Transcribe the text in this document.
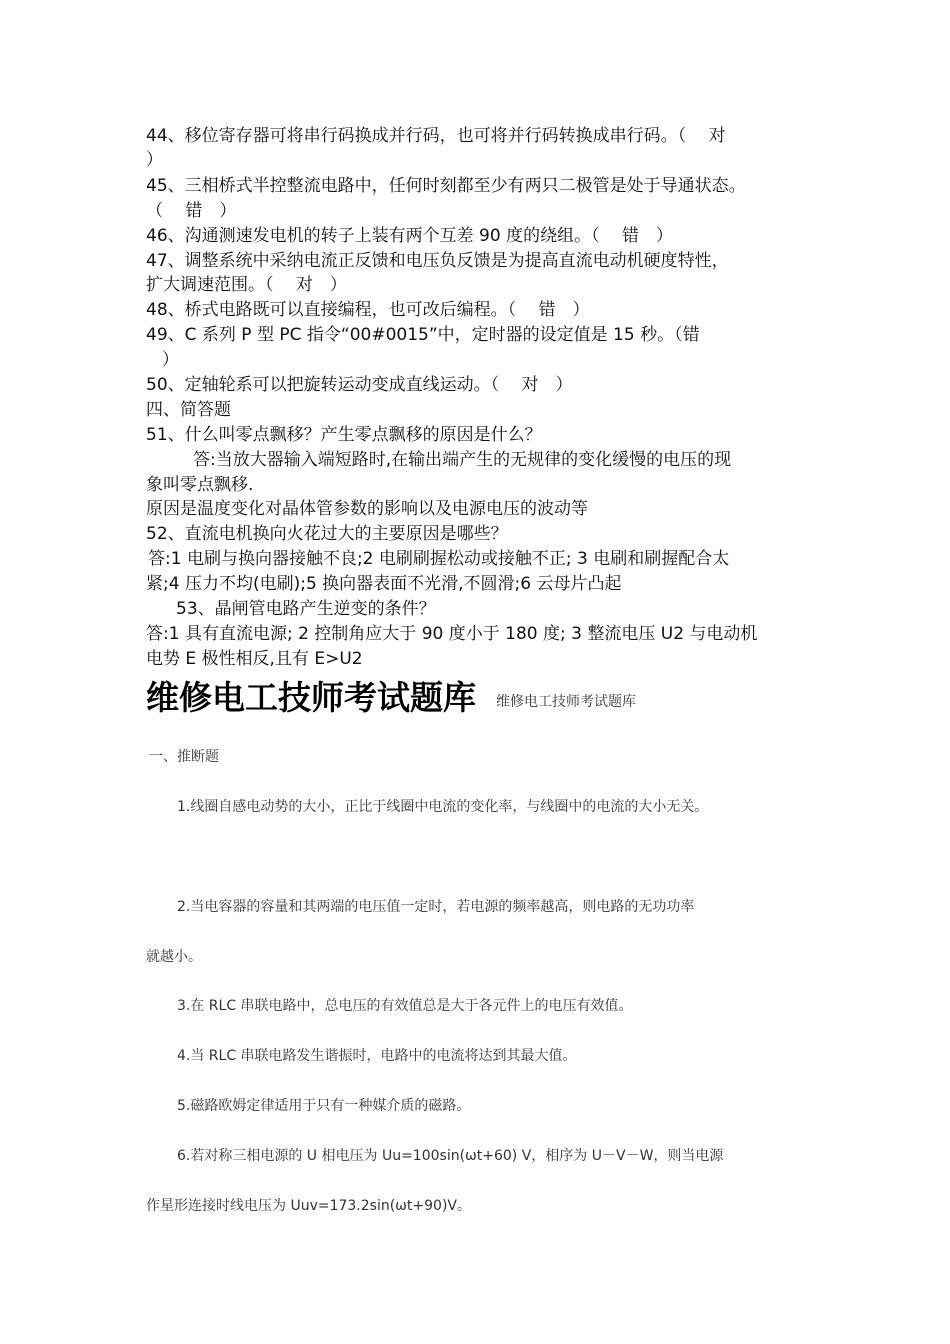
44、移位寄存器可将串行码换成并行码，也可将并行码转换成串行码。（　 对
）
45、三相桥式半控整流电路中，任何时刻都至少有两只二极管是处于导通状态。
（　 错　）
46、沟通测速发电机的转子上装有两个互差 90 度的绕组。（　 错　）
47、调整系统中采纳电流正反馈和电压负反馈是为提高直流电动机硬度特性，
扩大调速范围。（　 对　）
48、桥式电路既可以直接编程，也可改后编程。（　 错　）
49、C 系列 P 型 PC 指令“00#0015”中，定时器的设定值是 15 秒。（错
）
50、定轴轮系可以把旋转运动变成直线运动。（　 对　）
四、简答题
51、什么叫零点飘移？产生零点飘移的原因是什么？
答:当放大器输入端短路时,在输出端产生的无规律的变化缓慢的电压的现
象叫零点飘移.
原因是温度变化对晶体管参数的影响以及电源电压的波动等
52、直流电机换向火花过大的主要原因是哪些？
答:1 电刷与换向器接触不良;2 电刷刷握松动或接触不正; 3 电刷和刷握配合太
紧;4 压力不均(电刷);5 换向器表面不光滑,不圆滑;6 云母片凸起
53、晶闸管电路产生逆变的条件？
答:1 具有直流电源; 2 控制角应大于 90 度小于 180 度; 3 整流电压 U2 与电动机
电势 E 极性相反,且有 E>U2
维修电工技师考试题库 维修电工技师考试题库
一、推断题
1.线圈自感电动势的大小，正比于线圈中电流的变化率，与线圈中的电流的大小无关。
2.当电容器的容量和其两端的电压值一定时，若电源的频率越高，则电路的无功功率
就越小。
3.在 RLC 串联电路中，总电压的有效值总是大于各元件上的电压有效值。
4.当 RLC 串联电路发生谐振时，电路中的电流将达到其最大值。
5.磁路欧姆定律适用于只有一种媒介质的磁路。
6.若对称三相电源的 U 相电压为 Uu=100sin(ωt+60) V，相序为 U－V－W，则当电源
作星形连接时线电压为 Uuv=173.2sin(ωt+90)V。
